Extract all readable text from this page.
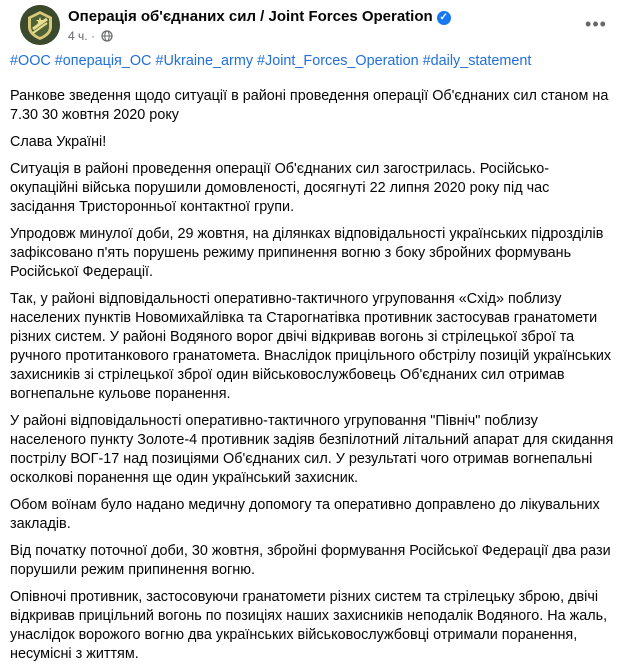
Операція об'єднаних сил / Joint Forces Operation ✓
4 ч. ·
•••
#ООС #операція_ОС #Ukraine_army #Joint_Forces_Operation #daily_statement

Ранкове зведення щодо ситуації в районі проведення операції Об'єднаних сил станом на 7.30 30 жовтня 2020 року

Слава Україні!

Ситуація в районі проведення операції Об'єднаних сил загострилась. Російсько-окупаційні війська порушили домовленості, досягнуті 22 липня 2020 року під час засідання Тристоронньої контактної групи.

Упродовж минулої доби, 29 жовтня, на ділянках відповідальності українських підрозділів зафіксовано п'ять порушень режиму припинення вогню з боку збройних формувань Російської Федерації.

Так, у районі відповідальності оперативно-тактичного угруповання «Схід» поблизу населених пунктів Новомихайлівка та Старогнатівка противник застосував гранатомети різних систем. У районі Водяного ворог двічі відкривав вогонь зі стрілецької зброї та ручного протитанкового гранатомета. Внаслідок прицільного обстрілу позицій українських захисників зі стрілецької зброї один військовослужбовець Об'єднаних сил отримав вогнепальне кульове поранення.

У районі відповідальності оперативно-тактичного угруповання "Північ" поблизу населеного пункту Золоте-4 противник задіяв безпілотний літальний апарат для скидання пострілу ВОГ-17 над позиціями Об'єднаних сил. У результаті чого отримав вогнепальні осколкові поранення ще один український захисник.

Обом воїнам було надано медичну допомогу та оперативно доправлено до лікувальних закладів.

Від початку поточної доби, 30 жовтня, збройні формування Російської Федерації два рази порушили режим припинення вогню.

Опівночі противник, застосовуючи гранатомети різних систем та стрілецьку зброю, двічі відкривав прицільний вогонь по позиціях наших захисників неподалік Водяного. На жаль, унаслідок ворожого вогню два українських військовослужбовці отримали поранення, несумісні з життям.
